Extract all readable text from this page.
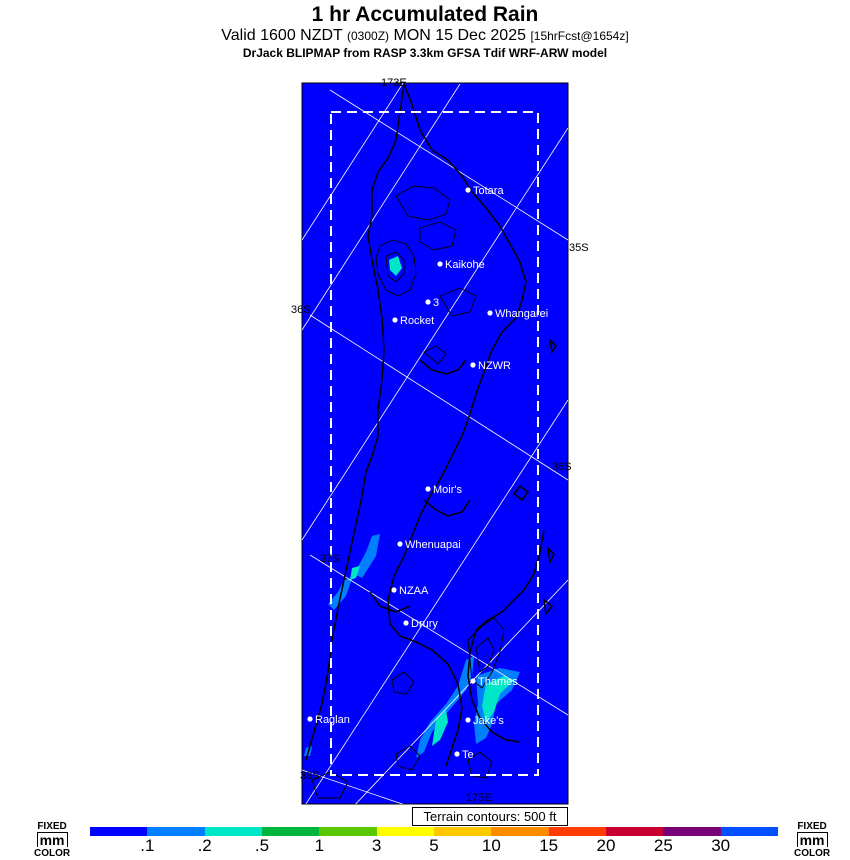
1 hr Accumulated Rain
Valid 1600 NZDT (0300Z) MON 15 Dec 2025 [15hrFcst@1654z]
DrJack BLIPMAP from RASP 3.3km GFSA Tdif WRF-ARW model
173E
35S
36S
36S
37S
38S
175E
Totara
Kaikohe
3
Rocket
Whangarei
NZWR
Moir's
Whenuapai
NZAA
Drury
Thames
Raglan	Jake's
Te
Terrain contours: 500 ft
FIXED
mm
COLOR
FIXED
mm
COLOR
.1	.2	.5	1	3	5	10 15 20 25 30
